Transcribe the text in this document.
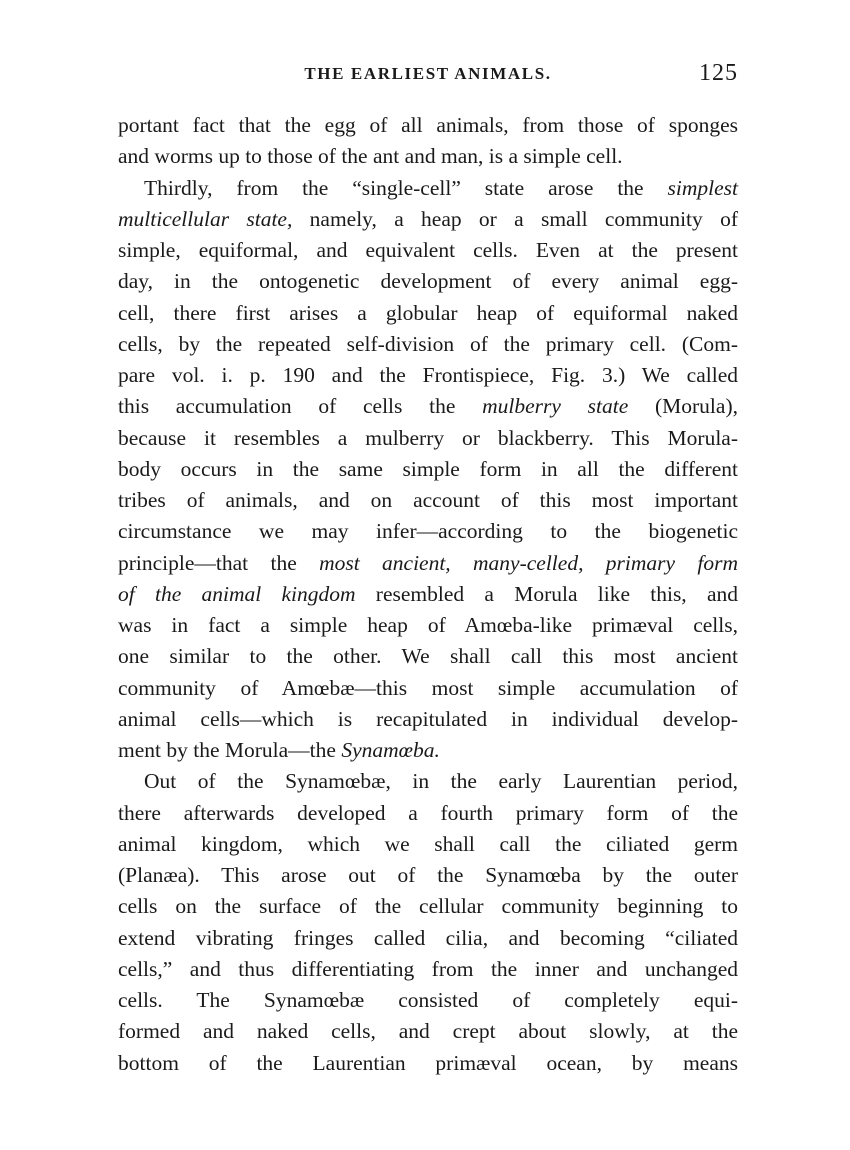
THE EARLIEST ANIMALS.	125
portant fact that the egg of all animals, from those of sponges
and worms up to those of the ant and man, is a simple cell.
Thirdly, from the “single-cell” state arose the simplest
multicellular state, namely, a heap or a small community of
simple, equiformal, and equivalent cells. Even at the present
day, in the ontogenetic development of every animal egg-
cell, there first arises a globular heap of equiformal naked
cells, by the repeated self-division of the primary cell. (Com-
pare vol. i. p. 190 and the Frontispiece, Fig. 3.) We called
this accumulation of cells the mulberry state (Morula),
because it resembles a mulberry or blackberry. This Morula-
body occurs in the same simple form in all the different
tribes of animals, and on account of this most important
circumstance we may infer—according to the biogenetic
principle—that the most ancient, many-celled, primary form
of the animal kingdom resembled a Morula like this, and
was in fact a simple heap of Amœba-like primæval cells,
one similar to the other. We shall call this most ancient
community of Amœbæ—this most simple accumulation of
animal cells—which is recapitulated in individual develop-
ment by the Morula—the Synamœba.
Out of the Synamœbæ, in the early Laurentian period,
there afterwards developed a fourth primary form of the
animal kingdom, which we shall call the ciliated germ
(Planæa). This arose out of the Synamœba by the outer
cells on the surface of the cellular community beginning to
extend vibrating fringes called cilia, and becoming “ciliated
cells,” and thus differentiating from the inner and unchanged
cells. The Synamœbæ consisted of completely equi-
formed and naked cells, and crept about slowly, at the
bottom of the Laurentian primæval ocean, by means
